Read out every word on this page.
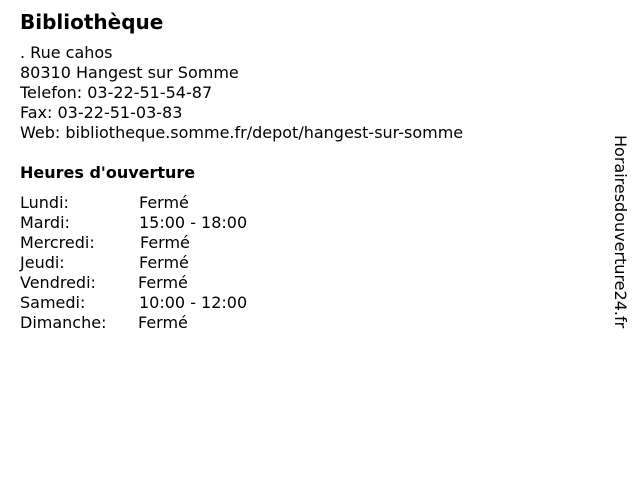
Bibliothèque
. Rue cahos
80310 Hangest sur Somme
Telefon: 03-22-51-54-87
Fax: 03-22-51-03-83
Web: bibliotheque.somme.fr/depot/hangest-sur-somme
Heures d'ouverture
Lundi:	Fermé
Mardi:	15:00 - 18:00
Mercredi:	Fermé
Jeudi:	Fermé
Vendredi:	Fermé
Samedi:	10:00 - 12:00
Dimanche: Fermé	Horairesdouverture24.fr
